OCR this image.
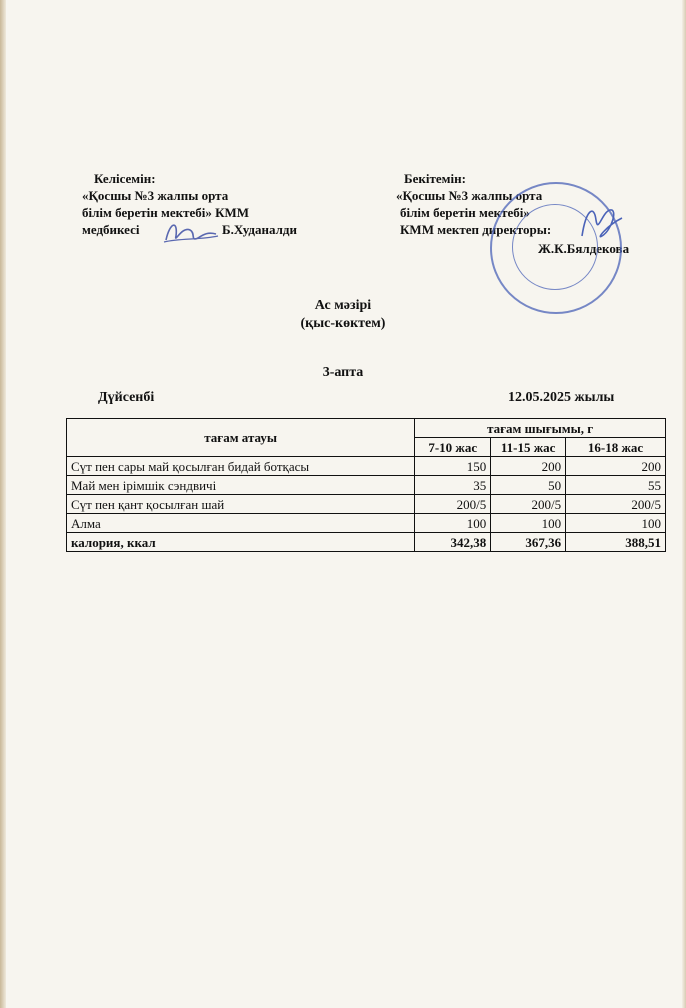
Келісемін:
«Қосшы №3 жалпы орта
білім беретін мектебі» КММ
медбикесі	Б.Худаналди
Бекітемін:
«Қосшы №3 жалпы орта
білім беретін мектебі»
КММ мектеп директоры:
Ж.К.Бялдекова
Ас мәзірі
(қыс-көктем)
3-апта
Дүйсенбі	12.05.2025 жылы
тағам атауы	тағам шығымы, г		
	7-10 жас	11-15 жас	16-18 жас
Сүт пен сары май қосылған бидай ботқасы	150	200	200
Май мен ірімшік сэндвичі	35	50	55
Сүт пен қант қосылған шай	200/5	200/5	200/5
Алма	100	100	100
калория, ккал	342,38	367,36	388,51
